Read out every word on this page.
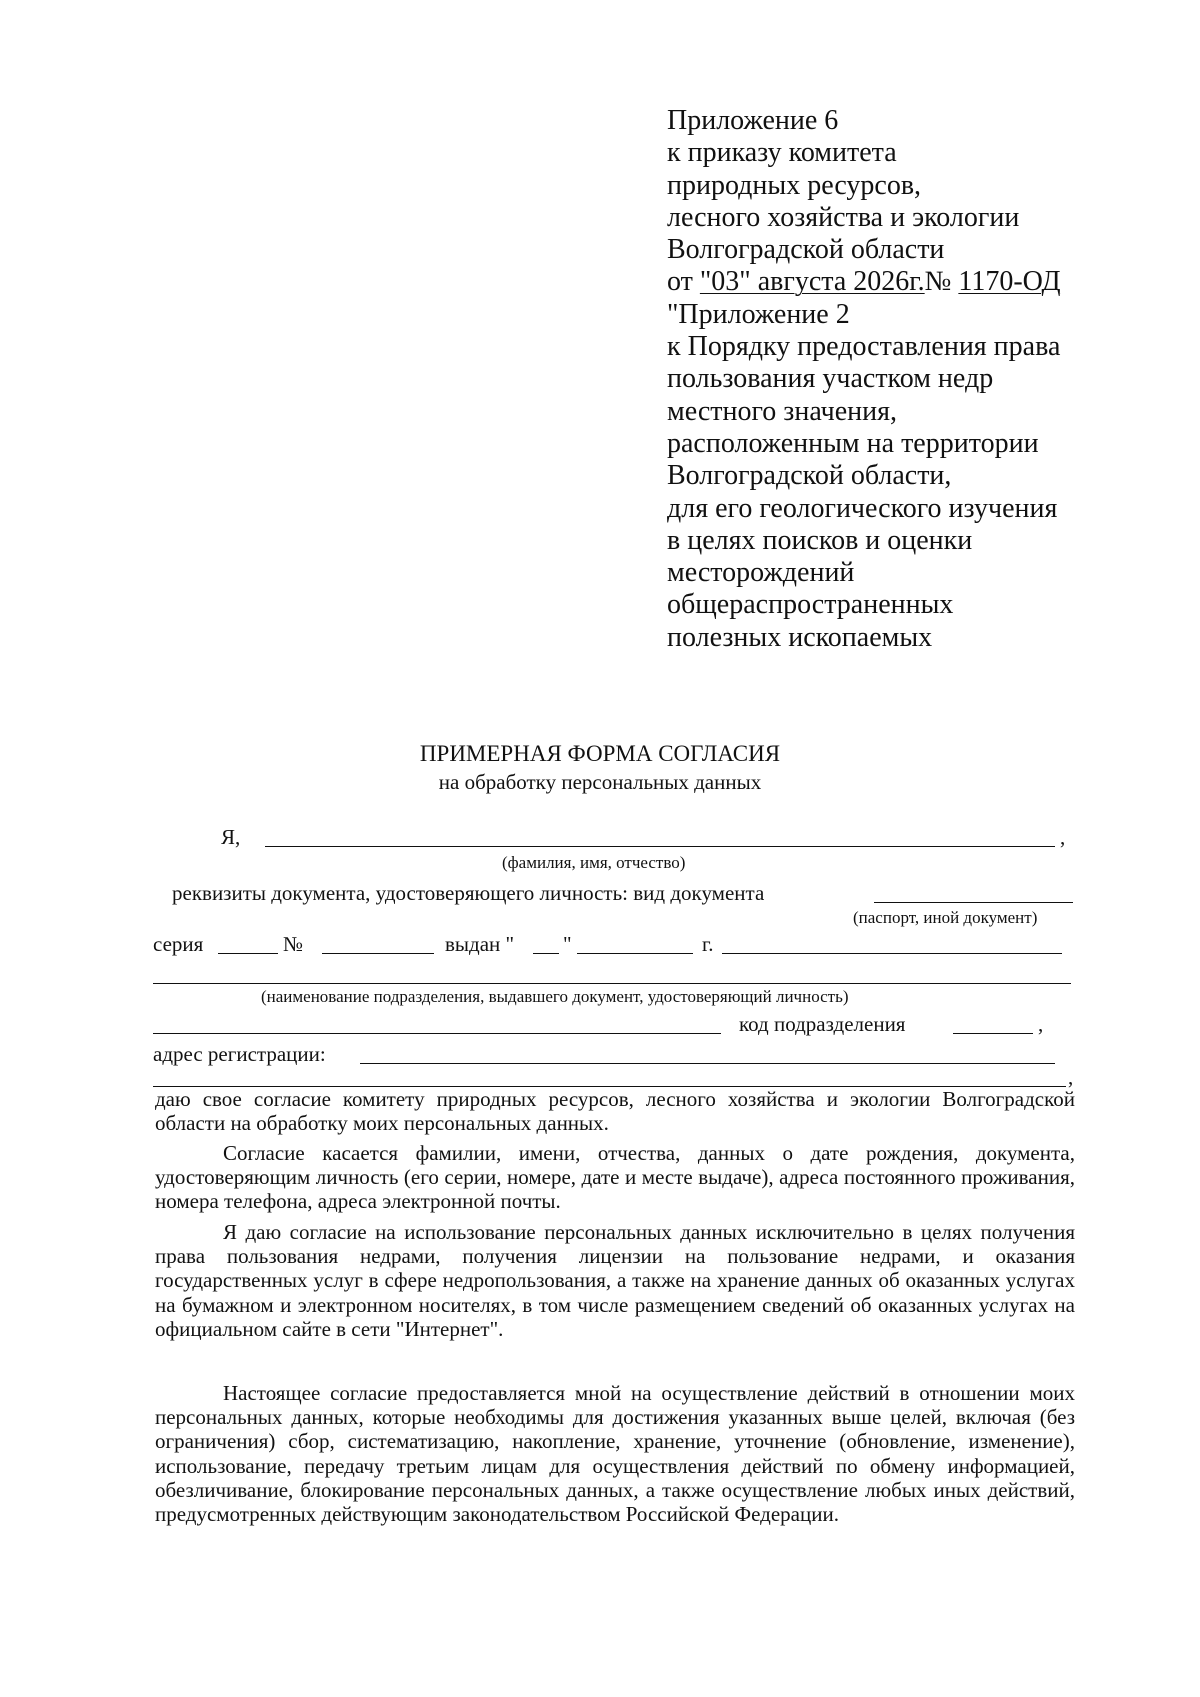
Приложение 6
к приказу комитета
природных ресурсов,
лесного хозяйства и экологии
Волгоградской области
от "03" августа 2026г.№ 1170-ОД
"Приложение 2
к Порядку предоставления права
пользования участком недр
местного значения,
расположенным на территории
Волгоградской области,
для его геологического изучения
в целях поисков и оценки
месторождений
общераспространенных
полезных ископаемых
ПРИМЕРНАЯ ФОРМА СОГЛАСИЯ
на обработку персональных данных
Я,	,
(фамилия, имя, отчество)
реквизиты документа, удостоверяющего личность: вид документа
(паспорт, иной документ)
серия	№	выдан " "	г.
(наименование подразделения, выдавшего документ, удостоверяющий личность)
код подразделения	,
адрес регистрации:
,

даю свое согласие комитету природных ресурсов, лесного хозяйства и экологии Волгоградской области на обработку моих персональных данных.

Согласие касается фамилии, имени, отчества, данных о дате рождения, документа, удостоверяющим личность (его серии, номере, дате и месте выдаче), адреса постоянного проживания, номера телефона, адреса электронной почты.

Я даю согласие на использование персональных данных исключительно в целях получения права пользования недрами, получения лицензии на пользование недрами, и оказания государственных услуг в сфере недропользования, а также на хранение данных об оказанных услугах на бумажном и электронном носителях, в том числе размещением сведений об оказанных услугах на официальном сайте в сети "Интернет".

Настоящее согласие предоставляется мной на осуществление действий в отношении моих персональных данных, которые необходимы для достижения указанных выше целей, включая (без ограничения) сбор, систематизацию, накопление, хранение, уточнение (обновление, изменение), использование, передачу третьим лицам для осуществления действий по обмену информацией, обезличивание, блокирование персональных данных, а также осуществление любых иных действий, предусмотренных действующим законодательством Российской Федерации.
